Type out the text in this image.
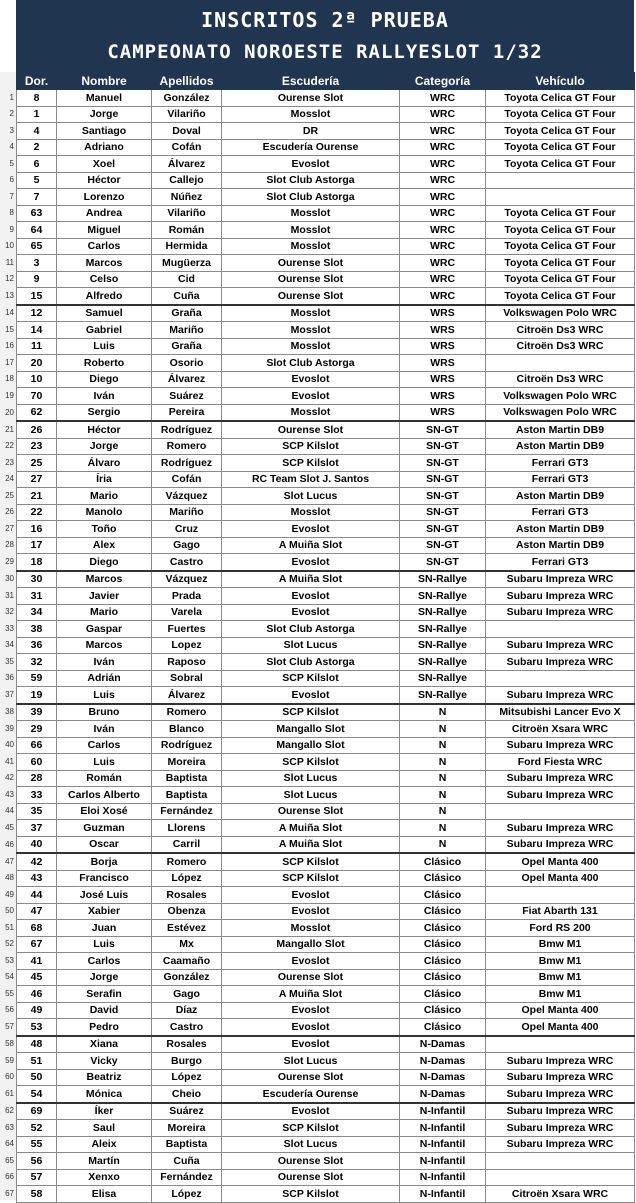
INSCRITOS 2ª PRUEBA
CAMPEONATO NOROESTE RALLYESLOT 1/32
1
2
3
4
5
6
7
8
9
10
11
12
13
14
15
16
17
18
19
20
21
22
23
24
25
26
27
28
29
30
31
32
33
34
35
36
37
38
39
40
41
42
43
44
45
46
47
48
49
50
51
52
53
54
55
56
57
58
59
60
61
62
63
64
65
66
67
Dor.	Nombre	Apellidos	Escudería	Categoría	Vehículo
8	Manuel	González	Ourense Slot	WRC	Toyota Celica GT Four
1	Jorge	Vilariño	Mosslot	WRC	Toyota Celica GT Four
4	Santiago	Doval	DR	WRC	Toyota Celica GT Four
2	Adriano	Cofán	Escudería Ourense	WRC	Toyota Celica GT Four
6	Xoel	Álvarez	Evoslot	WRC	Toyota Celica GT Four
5	Héctor	Callejo	Slot Club Astorga	WRC	
7	Lorenzo	Núñez	Slot Club Astorga	WRC	
63	Andrea	Vilariño	Mosslot	WRC	Toyota Celica GT Four
64	Miguel	Román	Mosslot	WRC	Toyota Celica GT Four
65	Carlos	Hermida	Mosslot	WRC	Toyota Celica GT Four
3	Marcos	Mugüerza	Ourense Slot	WRC	Toyota Celica GT Four
9	Celso	Cid	Ourense Slot	WRC	Toyota Celica GT Four
15	Alfredo	Cuña	Ourense Slot	WRC	Toyota Celica GT Four
12	Samuel	Graña	Mosslot	WRS	Volkswagen Polo WRC
14	Gabriel	Mariño	Mosslot	WRS	Citroën Ds3 WRC
11	Luis	Graña	Mosslot	WRS	Citroën Ds3 WRC
20	Roberto	Osorio	Slot Club Astorga	WRS	
10	Diego	Álvarez	Evoslot	WRS	Citroën Ds3 WRC
70	Iván	Suárez	Evoslot	WRS	Volkswagen Polo WRC
62	Sergio	Pereira	Mosslot	WRS	Volkswagen Polo WRC
26	Héctor	Rodríguez	Ourense Slot	SN-GT	Aston Martin DB9
23	Jorge	Romero	SCP Kilslot	SN-GT	Aston Martin DB9
25	Álvaro	Rodríguez	SCP Kilslot	SN-GT	Ferrari GT3
27	Íria	Cofán	RC Team Slot J. Santos	SN-GT	Ferrari GT3
21	Mario	Vázquez	Slot Lucus	SN-GT	Aston Martin DB9
22	Manolo	Mariño	Mosslot	SN-GT	Ferrari GT3
16	Toño	Cruz	Evoslot	SN-GT	Aston Martin DB9
17	Alex	Gago	A Muiña Slot	SN-GT	Aston Martin DB9
18	Diego	Castro	Evoslot	SN-GT	Ferrari GT3
30	Marcos	Vázquez	A Muiña Slot	SN-Rallye	Subaru Impreza WRC
31	Javier	Prada	Evoslot	SN-Rallye	Subaru Impreza WRC
34	Mario	Varela	Evoslot	SN-Rallye	Subaru Impreza WRC
38	Gaspar	Fuertes	Slot Club Astorga	SN-Rallye	
36	Marcos	Lopez	Slot Lucus	SN-Rallye	Subaru Impreza WRC
32	Iván	Raposo	Slot Club Astorga	SN-Rallye	Subaru Impreza WRC
59	Adrián	Sobral	SCP Kilslot	SN-Rallye	
19	Luis	Álvarez	Evoslot	SN-Rallye	Subaru Impreza WRC
39	Bruno	Romero	SCP Kilslot	N	Mitsubishi Lancer Evo X
29	Iván	Blanco	Mangallo Slot	N	Citroën Xsara WRC
66	Carlos	Rodríguez	Mangallo Slot	N	Subaru Impreza WRC
60	Luis	Moreira	SCP Kilslot	N	Ford Fiesta WRC
28	Román	Baptista	Slot Lucus	N	Subaru Impreza WRC
33	Carlos Alberto	Baptista	Slot Lucus	N	Subaru Impreza WRC
35	Eloi Xosé	Fernández	Ourense Slot	N	
37	Guzman	Llorens	A Muiña Slot	N	Subaru Impreza WRC
40	Oscar	Carril	A Muiña Slot	N	Subaru Impreza WRC
42	Borja	Romero	SCP Kilslot	Clásico	Opel Manta 400
43	Francisco	López	SCP Kilslot	Clásico	Opel Manta 400
44	José Luis	Rosales	Evoslot	Clásico	
47	Xabier	Obenza	Evoslot	Clásico	Fiat Abarth 131
68	Juan	Estévez	Mosslot	Clásico	Ford RS 200
67	Luis	Mx	Mangallo Slot	Clásico	Bmw M1
41	Carlos	Caamaño	Evoslot	Clásico	Bmw M1
45	Jorge	González	Ourense Slot	Clásico	Bmw M1
46	Serafin	Gago	A Muiña Slot	Clásico	Bmw M1
49	David	Díaz	Evoslot	Clásico	Opel Manta 400
53	Pedro	Castro	Evoslot	Clásico	Opel Manta 400
48	Xiana	Rosales	Evoslot	N-Damas	
51	Vicky	Burgo	Slot Lucus	N-Damas	Subaru Impreza WRC
50	Beatriz	López	Ourense Slot	N-Damas	Subaru Impreza WRC
54	Mónica	Cheio	Escudería Ourense	N-Damas	Subaru Impreza WRC
69	Íker	Suárez	Evoslot	N-Infantil	Subaru Impreza WRC
52	Saul	Moreira	SCP Kilslot	N-Infantil	Subaru Impreza WRC
55	Aleix	Baptista	Slot Lucus	N-Infantil	Subaru Impreza WRC
56	Martín	Cuña	Ourense Slot	N-Infantil	
57	Xenxo	Fernández	Ourense Slot	N-Infantil	
58	Elisa	López	SCP Kilslot	N-Infantil	Citroën Xsara WRC
